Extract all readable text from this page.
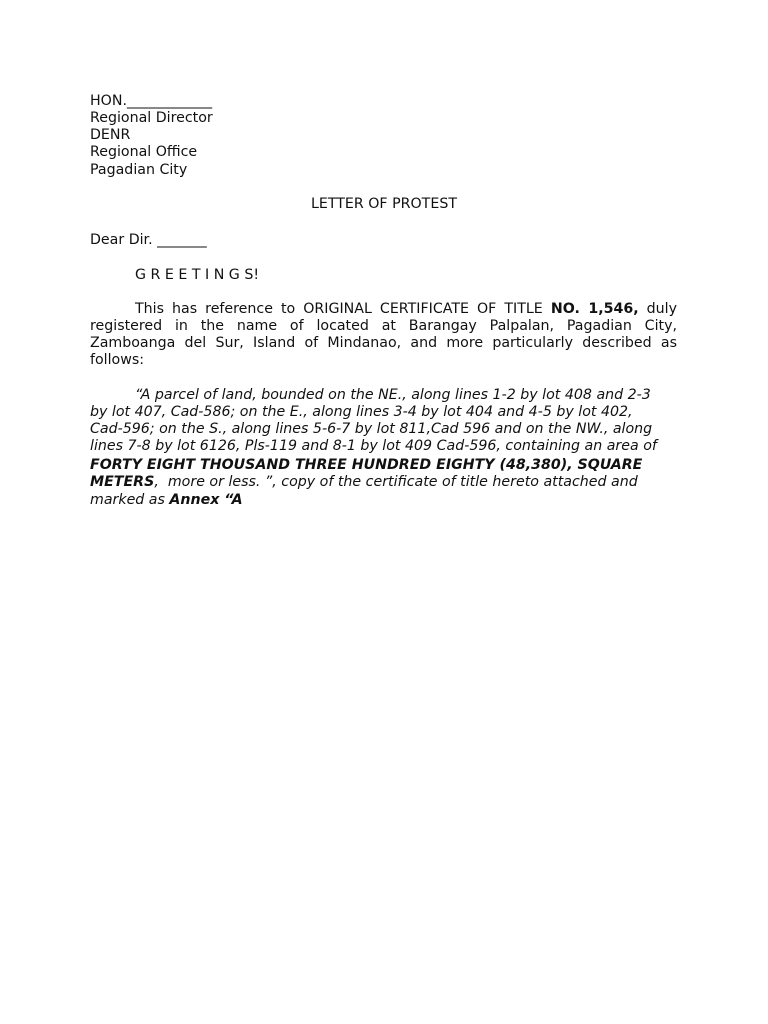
HON.____________
Regional Director
DENR
Regional Office
Pagadian City
LETTER OF PROTEST
Dear Dir. _______
G R E E T I N G S!
This has reference to ORIGINAL CERTIFICATE OF TITLE NO. 1,546, duly
registered in the name of located at Barangay Palpalan, Pagadian City,
Zamboanga del Sur, Island of Mindanao, and more particularly described as
follows:
“A parcel of land, bounded on the NE., along lines 1-2 by lot 408 and 2-3
by lot 407, Cad-586; on the E., along lines 3-4 by lot 404 and 4-5 by lot 402,
Cad-596; on the S., along lines 5-6-7 by lot 811,Cad 596 and on the NW., along
lines 7-8 by lot 6126, Pls-119 and 8-1 by lot 409 Cad-596, containing an area of
FORTY EIGHT THOUSAND THREE HUNDRED EIGHTY (48,380), SQUARE
METERS,  more or less. ”, copy of the certificate of title hereto attached and
marked as Annex “A
